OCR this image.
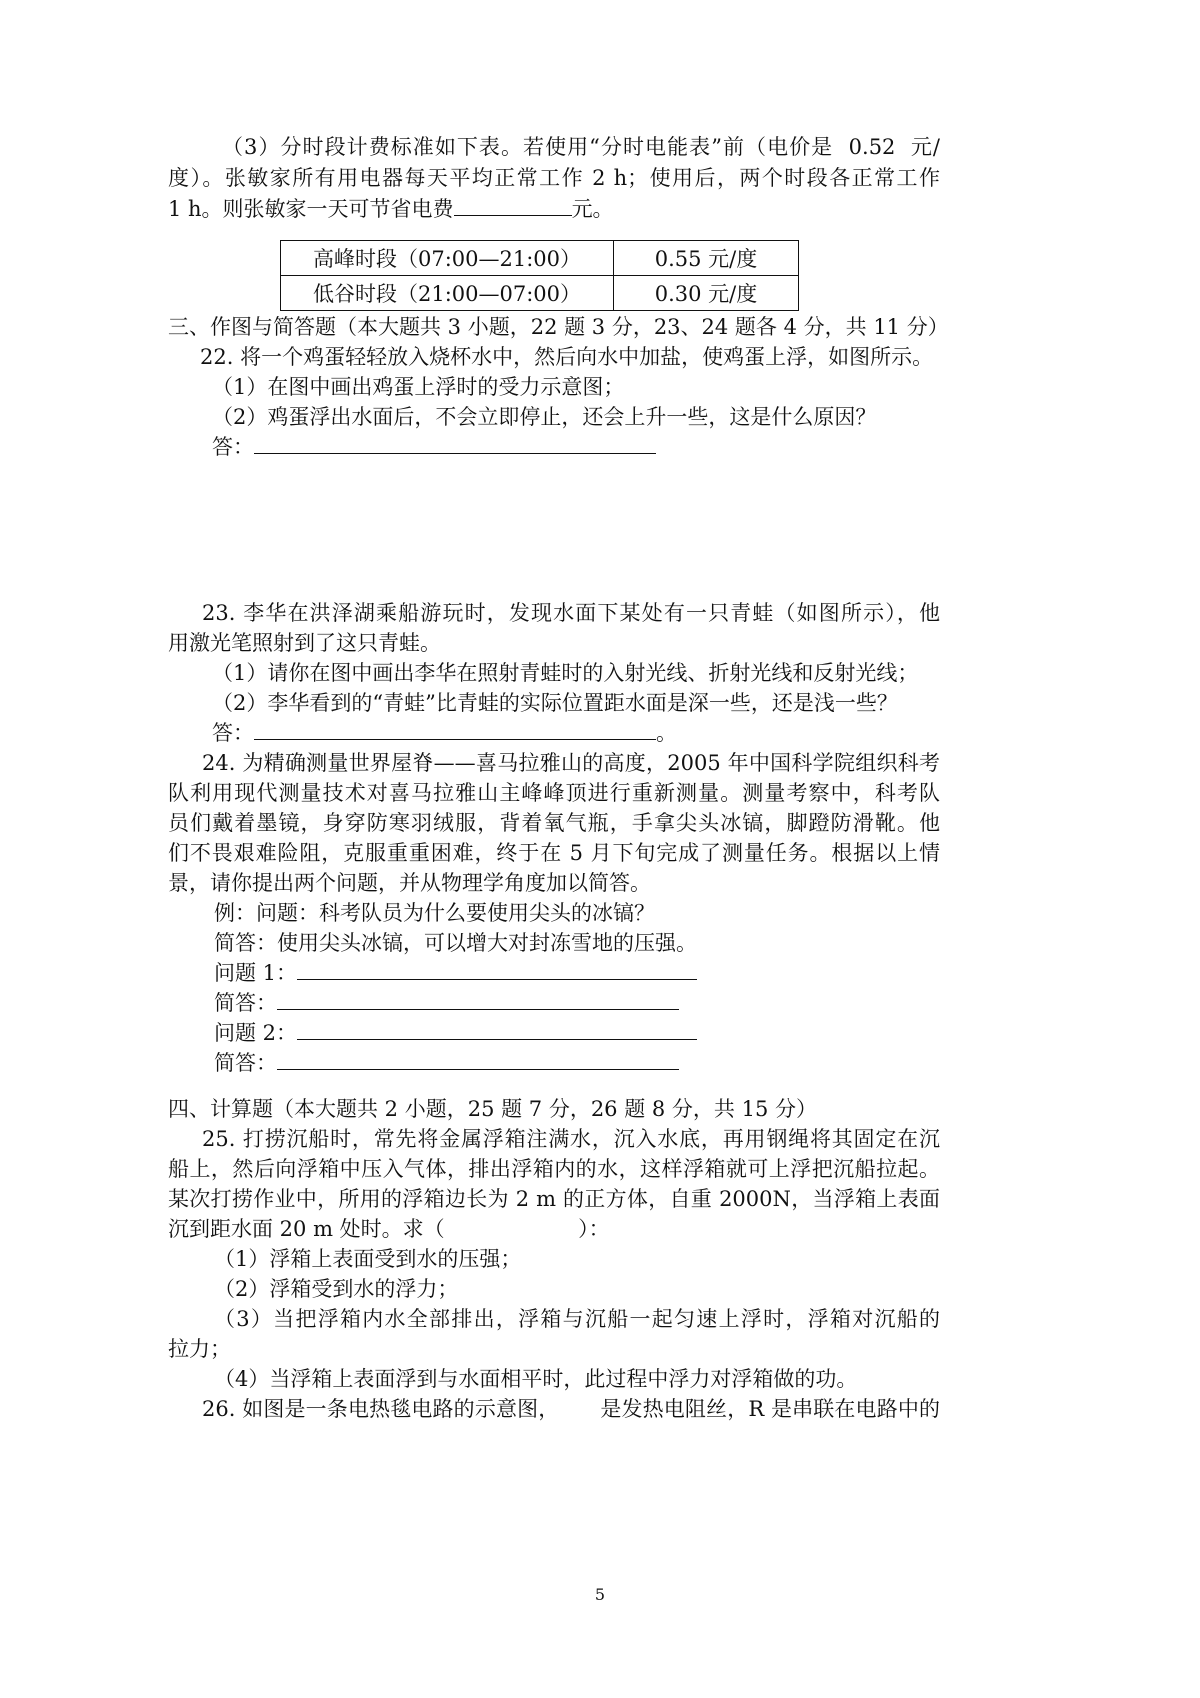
（3）分时段计费标准如下表。若使用“分时电能表”前（电价是  0.52  元/
度）。张敏家所有用电器每天平均正常工作 2 h；使用后，两个时段各正常工作
1 h。则张敏家一天可节省电费	元。
高峰时段（07:00—21:00）	0.55 元/度
低谷时段（21:00—07:00）	0.30 元/度
三、作图与简答题（本大题共 3 小题，22 题 3 分，23、24 题各 4 分，共 11 分）
22. 将一个鸡蛋轻轻放入烧杯水中，然后向水中加盐，使鸡蛋上浮，如图所示。
（1）在图中画出鸡蛋上浮时的受力示意图；
（2）鸡蛋浮出水面后，不会立即停止，还会上升一些，这是什么原因？
答：
23. 李华在洪泽湖乘船游玩时，发现水面下某处有一只青蛙（如图所示），他
用激光笔照射到了这只青蛙。
（1）请你在图中画出李华在照射青蛙时的入射光线、折射光线和反射光线；
（2）李华看到的“青蛙”比青蛙的实际位置距水面是深一些，还是浅一些？
答：	。
24. 为精确测量世界屋脊——喜马拉雅山的高度，2005 年中国科学院组织科考
队利用现代测量技术对喜马拉雅山主峰峰顶进行重新测量。测量考察中，科考队
员们戴着墨镜，身穿防寒羽绒服，背着氧气瓶，手拿尖头冰镐，脚蹬防滑靴。他
们不畏艰难险阻，克服重重困难，终于在 5 月下旬完成了测量任务。根据以上情
景，请你提出两个问题，并从物理学角度加以简答。
例：问题：科考队员为什么要使用尖头的冰镐？
简答：使用尖头冰镐，可以增大对封冻雪地的压强。
问题 1：
简答：
问题 2：
简答：
四、计算题（本大题共 2 小题，25 题 7 分，26 题 8 分，共 15 分）
25. 打捞沉船时，常先将金属浮箱注满水，沉入水底，再用钢绳将其固定在沉
船上，然后向浮箱中压入气体，排出浮箱内的水，这样浮箱就可上浮把沉船拉起。
某次打捞作业中，所用的浮箱边长为 2 m 的正方体，自重 2000N，当浮箱上表面
沉到距水面 20 m 处时。求（                    ）：
（1）浮箱上表面受到水的压强；
（2）浮箱受到水的浮力；
（3）当把浮箱内水全部排出，浮箱与沉船一起匀速上浮时，浮箱对沉船的
拉力；
（4）当浮箱上表面浮到与水面相平时，此过程中浮力对浮箱做的功。
26. 如图是一条电热毯电路的示意图，      是发热电阻丝，R 是串联在电路中的
5
